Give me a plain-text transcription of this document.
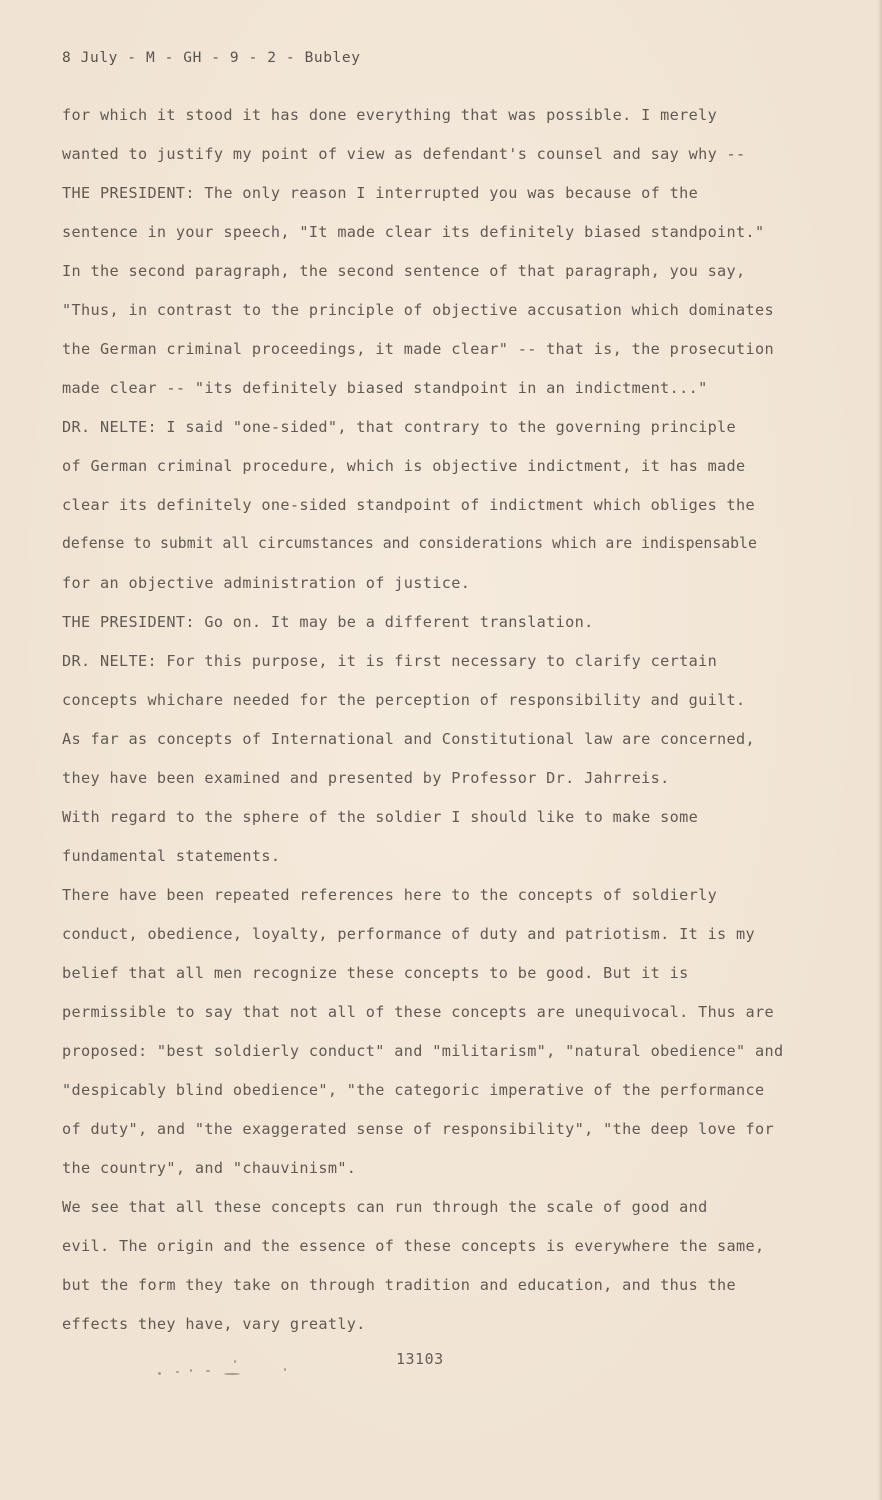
8 July - M - GH - 9 - 2 - Bubley
for which it stood it has done everything that was possible. I merely
wanted to justify my point of view as defendant's counsel and say why --
THE PRESIDENT: The only reason I interrupted you was because of the
sentence in your speech, "It made clear its definitely biased standpoint."
In the second paragraph, the second sentence of that paragraph, you say,
"Thus, in contrast to the principle of objective accusation which dominates
the German criminal proceedings, it made clear" -- that is, the prosecution
made clear -- "its definitely biased standpoint in an indictment..."
DR. NELTE: I said "one-sided", that contrary to the governing principle
of German criminal procedure, which is objective indictment, it has made
clear its definitely one-sided standpoint of indictment which obliges the
defense to submit all circumstances and considerations which are indispensable
for an objective administration of justice.
THE PRESIDENT: Go on. It may be a different translation.
DR. NELTE: For this purpose, it is first necessary to clarify certain
concepts whichare needed for the perception of responsibility and guilt.
As far as concepts of International and Constitutional law are concerned,
they have been examined and presented by Professor Dr. Jahrreis.
With regard to the sphere of the soldier I should like to make some
fundamental statements.
There have been repeated references here to the concepts of soldierly
conduct, obedience, loyalty, performance of duty and patriotism. It is my
belief that all men recognize these concepts to be good. But it is
permissible to say that not all of these concepts are unequivocal. Thus are
proposed: "best soldierly conduct" and "militarism", "natural obedience" and
"despicably blind obedience", "the categoric imperative of the performance
of duty", and "the exaggerated sense of responsibility", "the deep love for
the country", and "chauvinism".
We see that all these concepts can run through the scale of good and
evil. The origin and the essence of these concepts is everywhere the same,
but the form they take on through tradition and education, and thus the
effects they have, vary greatly.
13103
